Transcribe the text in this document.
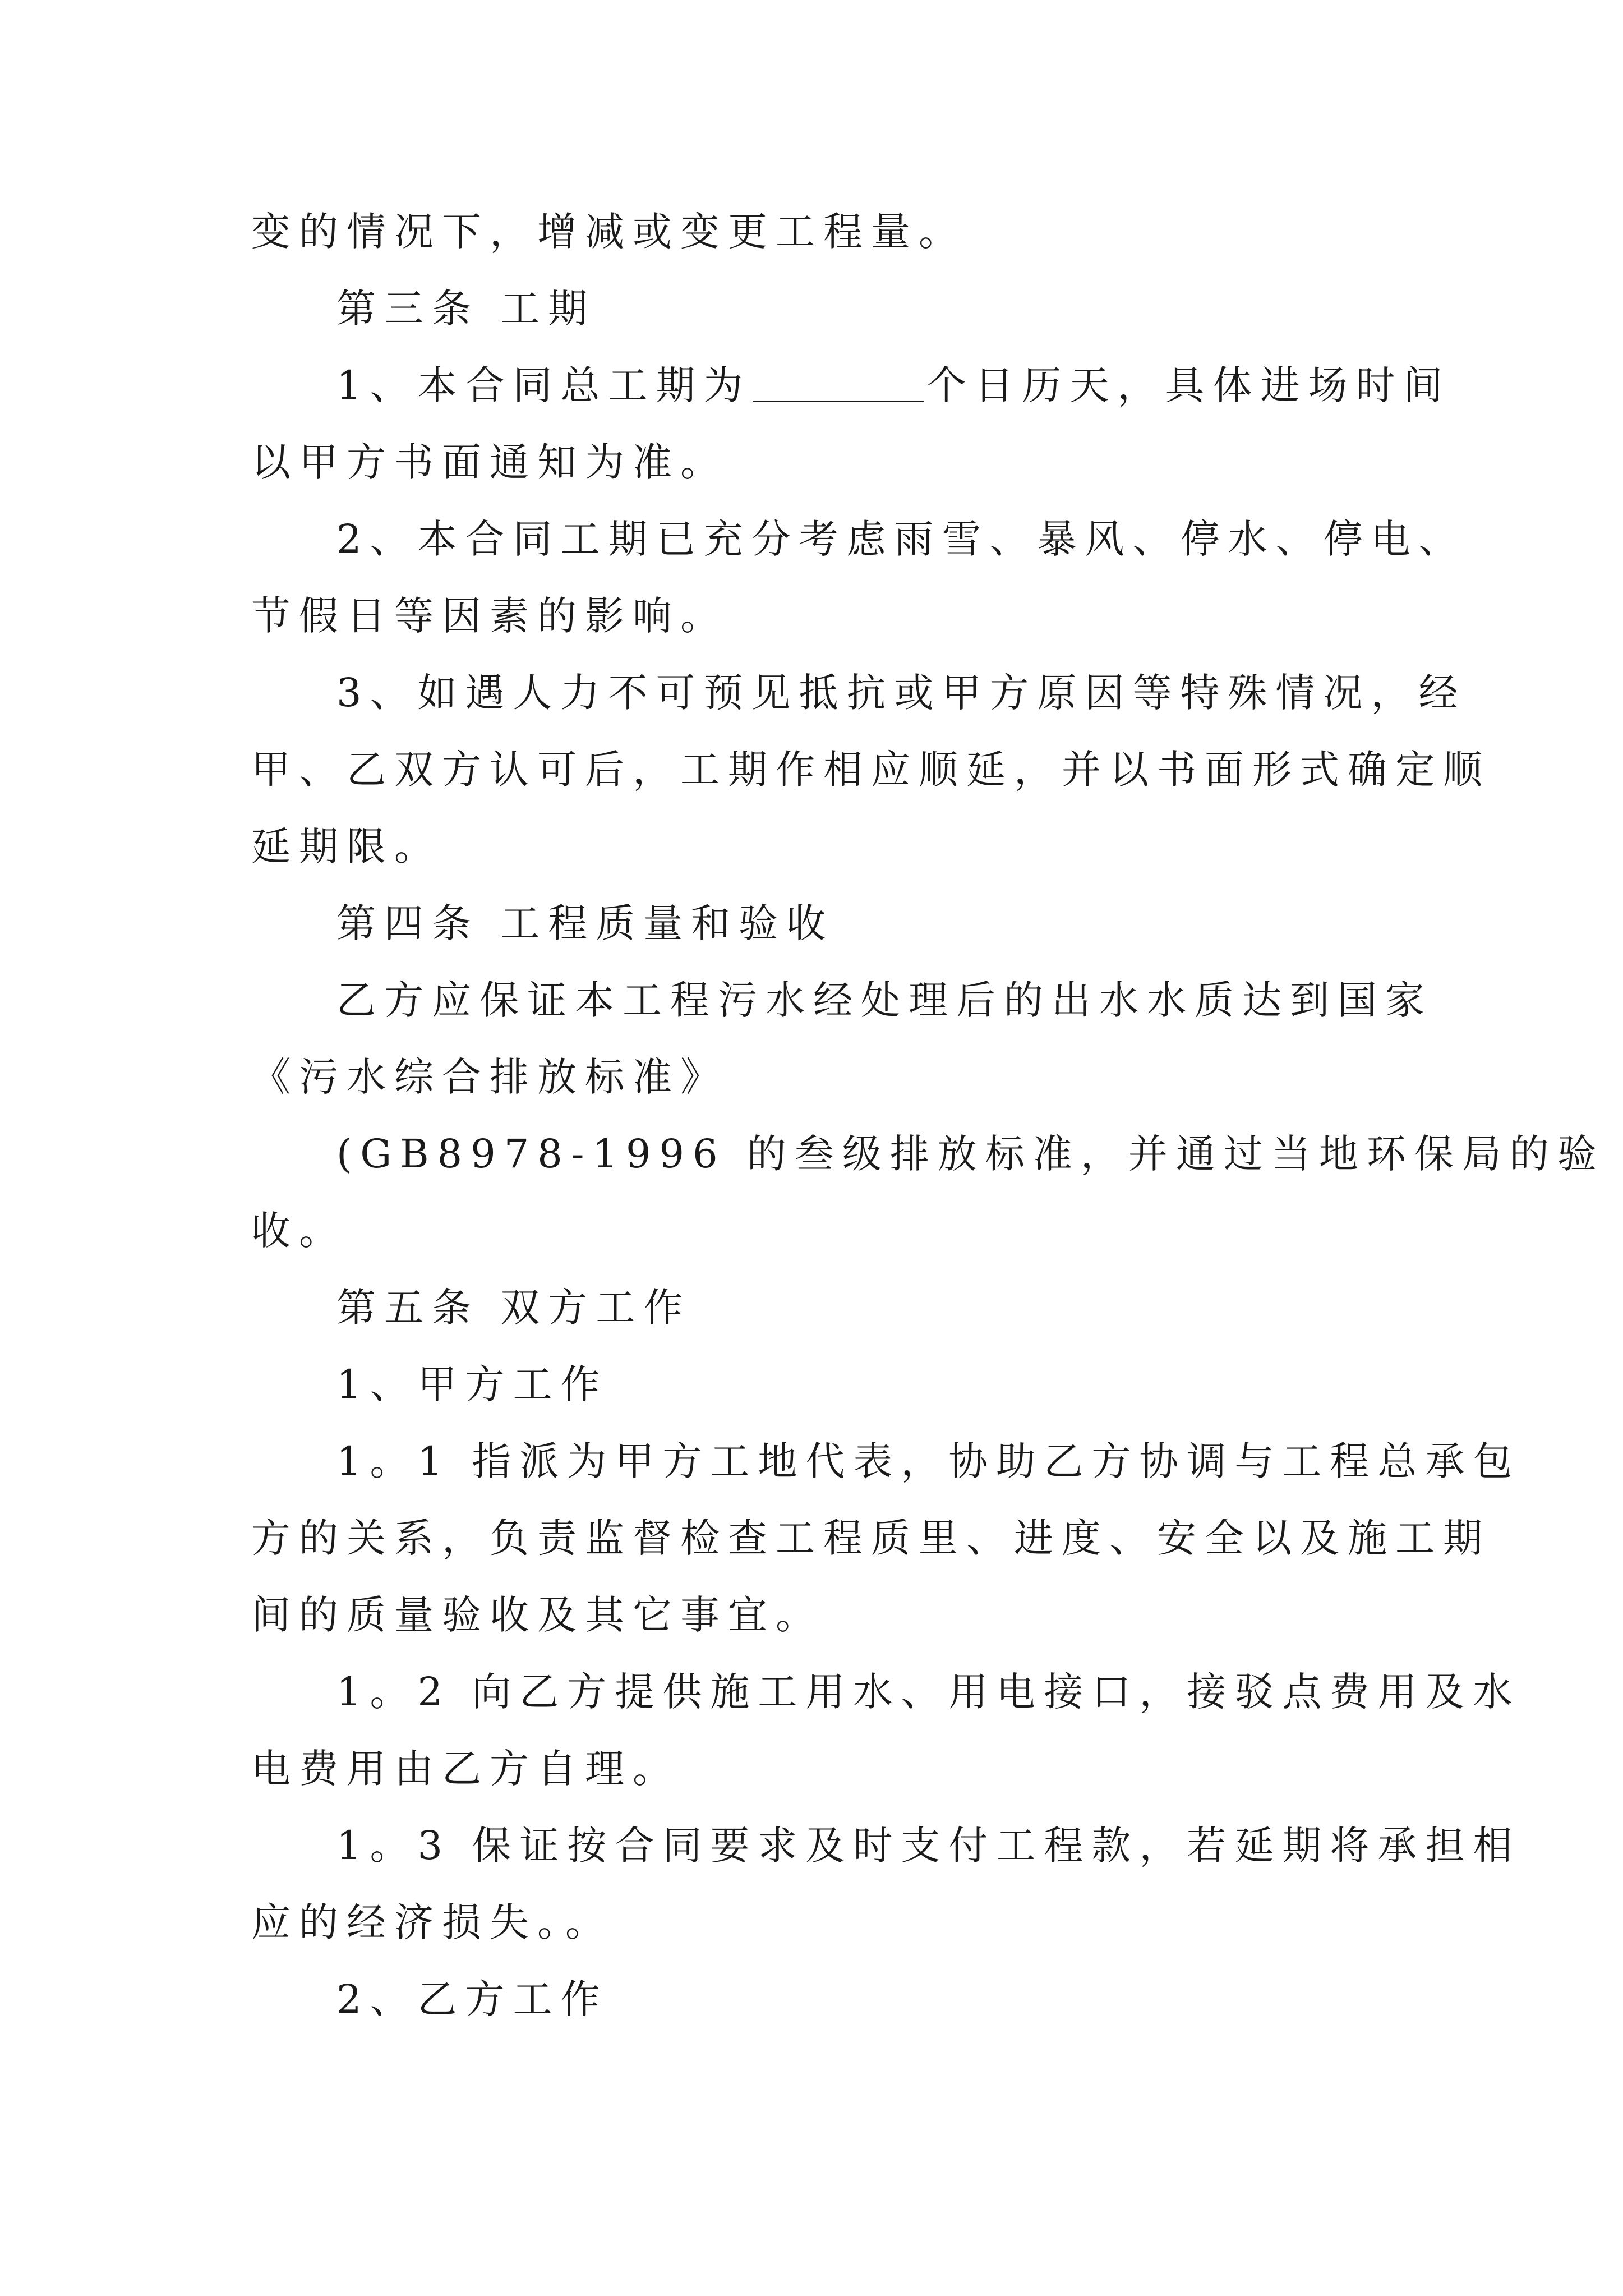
变的情况下，增减或变更工程量。
第三条 工期
1、本合同总工期为	个日历天，具体进场时间
以甲方书面通知为准。
2、本合同工期已充分考虑雨雪、暴风、停水、停电、
节假日等因素的影响。
3、如遇人力不可预见抵抗或甲方原因等特殊情况，经
甲、乙双方认可后，工期作相应顺延，并以书面形式确定顺
延期限。
第四条 工程质量和验收
乙方应保证本工程污水经处理后的出水水质达到国家
《污水综合排放标准》
(GB8978-1996 的叁级排放标准，并通过当地环保局的验
收。
第五条 双方工作
1、甲方工作
1。1 指派为甲方工地代表，协助乙方协调与工程总承包
方的关系，负责监督检查工程质里、进度、安全以及施工期
间的质量验收及其它事宜。
1。2 向乙方提供施工用水、用电接口，接驳点费用及水
电费用由乙方自理。
1。3 保证按合同要求及时支付工程款，若延期将承担相
应的经济损失。。
2、乙方工作
